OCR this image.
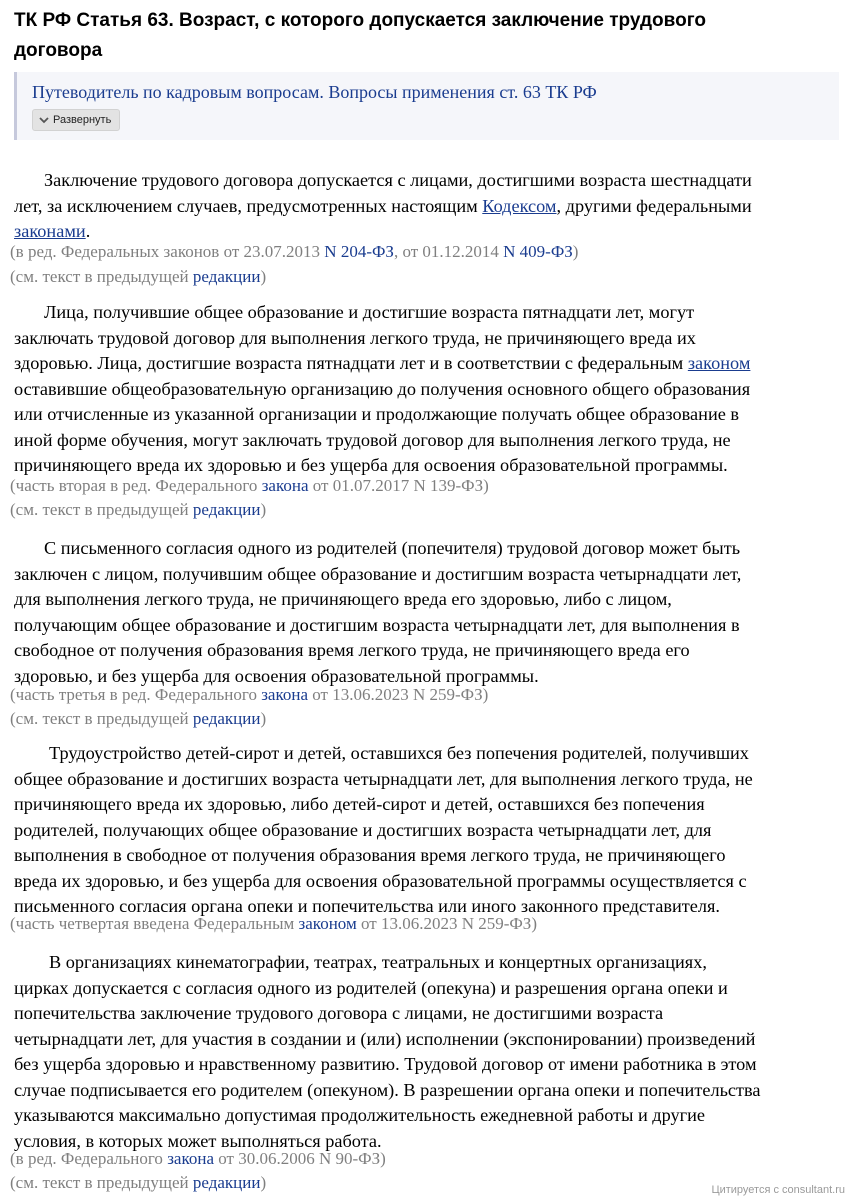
ТК РФ Статья 63. Возраст, с которого допускается заключение трудового
договора
Путеводитель по кадровым вопросам. Вопросы применения ст. 63 ТК РФ
Развернуть
Заключение трудового договора допускается с лицами, достигшими возраста шестнадцати
лет, за исключением случаев, предусмотренных настоящим Кодексом, другими федеральными
законами.

(в ред. Федеральных законов от 23.07.2013 N 204-ФЗ, от 01.12.2014 N 409-ФЗ)

(см. текст в предыдущей редакции)

Лица, получившие общее образование и достигшие возраста пятнадцати лет, могут
заключать трудовой договор для выполнения легкого труда, не причиняющего вреда их
здоровью. Лица, достигшие возраста пятнадцати лет и в соответствии с федеральным законом
оставившие общеобразовательную организацию до получения основного общего образования
или отчисленные из указанной организации и продолжающие получать общее образование в
иной форме обучения, могут заключать трудовой договор для выполнения легкого труда, не
причиняющего вреда их здоровью и без ущерба для освоения образовательной программы.

(часть вторая в ред. Федерального закона от 01.07.2017 N 139-ФЗ)

(см. текст в предыдущей редакции)

С письменного согласия одного из родителей (попечителя) трудовой договор может быть
заключен с лицом, получившим общее образование и достигшим возраста четырнадцати лет,
для выполнения легкого труда, не причиняющего вреда его здоровью, либо с лицом,
получающим общее образование и достигшим возраста четырнадцати лет, для выполнения в
свободное от получения образования время легкого труда, не причиняющего вреда его
здоровью, и без ущерба для освоения образовательной программы.

(часть третья в ред. Федерального закона от 13.06.2023 N 259-ФЗ)

(см. текст в предыдущей редакции)

Трудоустройство детей-сирот и детей, оставшихся без попечения родителей, получивших
общее образование и достигших возраста четырнадцати лет, для выполнения легкого труда, не
причиняющего вреда их здоровью, либо детей-сирот и детей, оставшихся без попечения
родителей, получающих общее образование и достигших возраста четырнадцати лет, для
выполнения в свободное от получения образования время легкого труда, не причиняющего
вреда их здоровью, и без ущерба для освоения образовательной программы осуществляется с
письменного согласия органа опеки и попечительства или иного законного представителя.

(часть четвертая введена Федеральным законом от 13.06.2023 N 259-ФЗ)

В организациях кинематографии, театрах, театральных и концертных организациях,
цирках допускается с согласия одного из родителей (опекуна) и разрешения органа опеки и
попечительства заключение трудового договора с лицами, не достигшими возраста
четырнадцати лет, для участия в создании и (или) исполнении (экспонировании) произведений
без ущерба здоровью и нравственному развитию. Трудовой договор от имени работника в этом
случае подписывается его родителем (опекуном). В разрешении органа опеки и попечительства
указываются максимально допустимая продолжительность ежедневной работы и другие
условия, в которых может выполняться работа.

(в ред. Федерального закона от 30.06.2006 N 90-ФЗ)

(см. текст в предыдущей редакции)	Цитируется с consultant.ru
